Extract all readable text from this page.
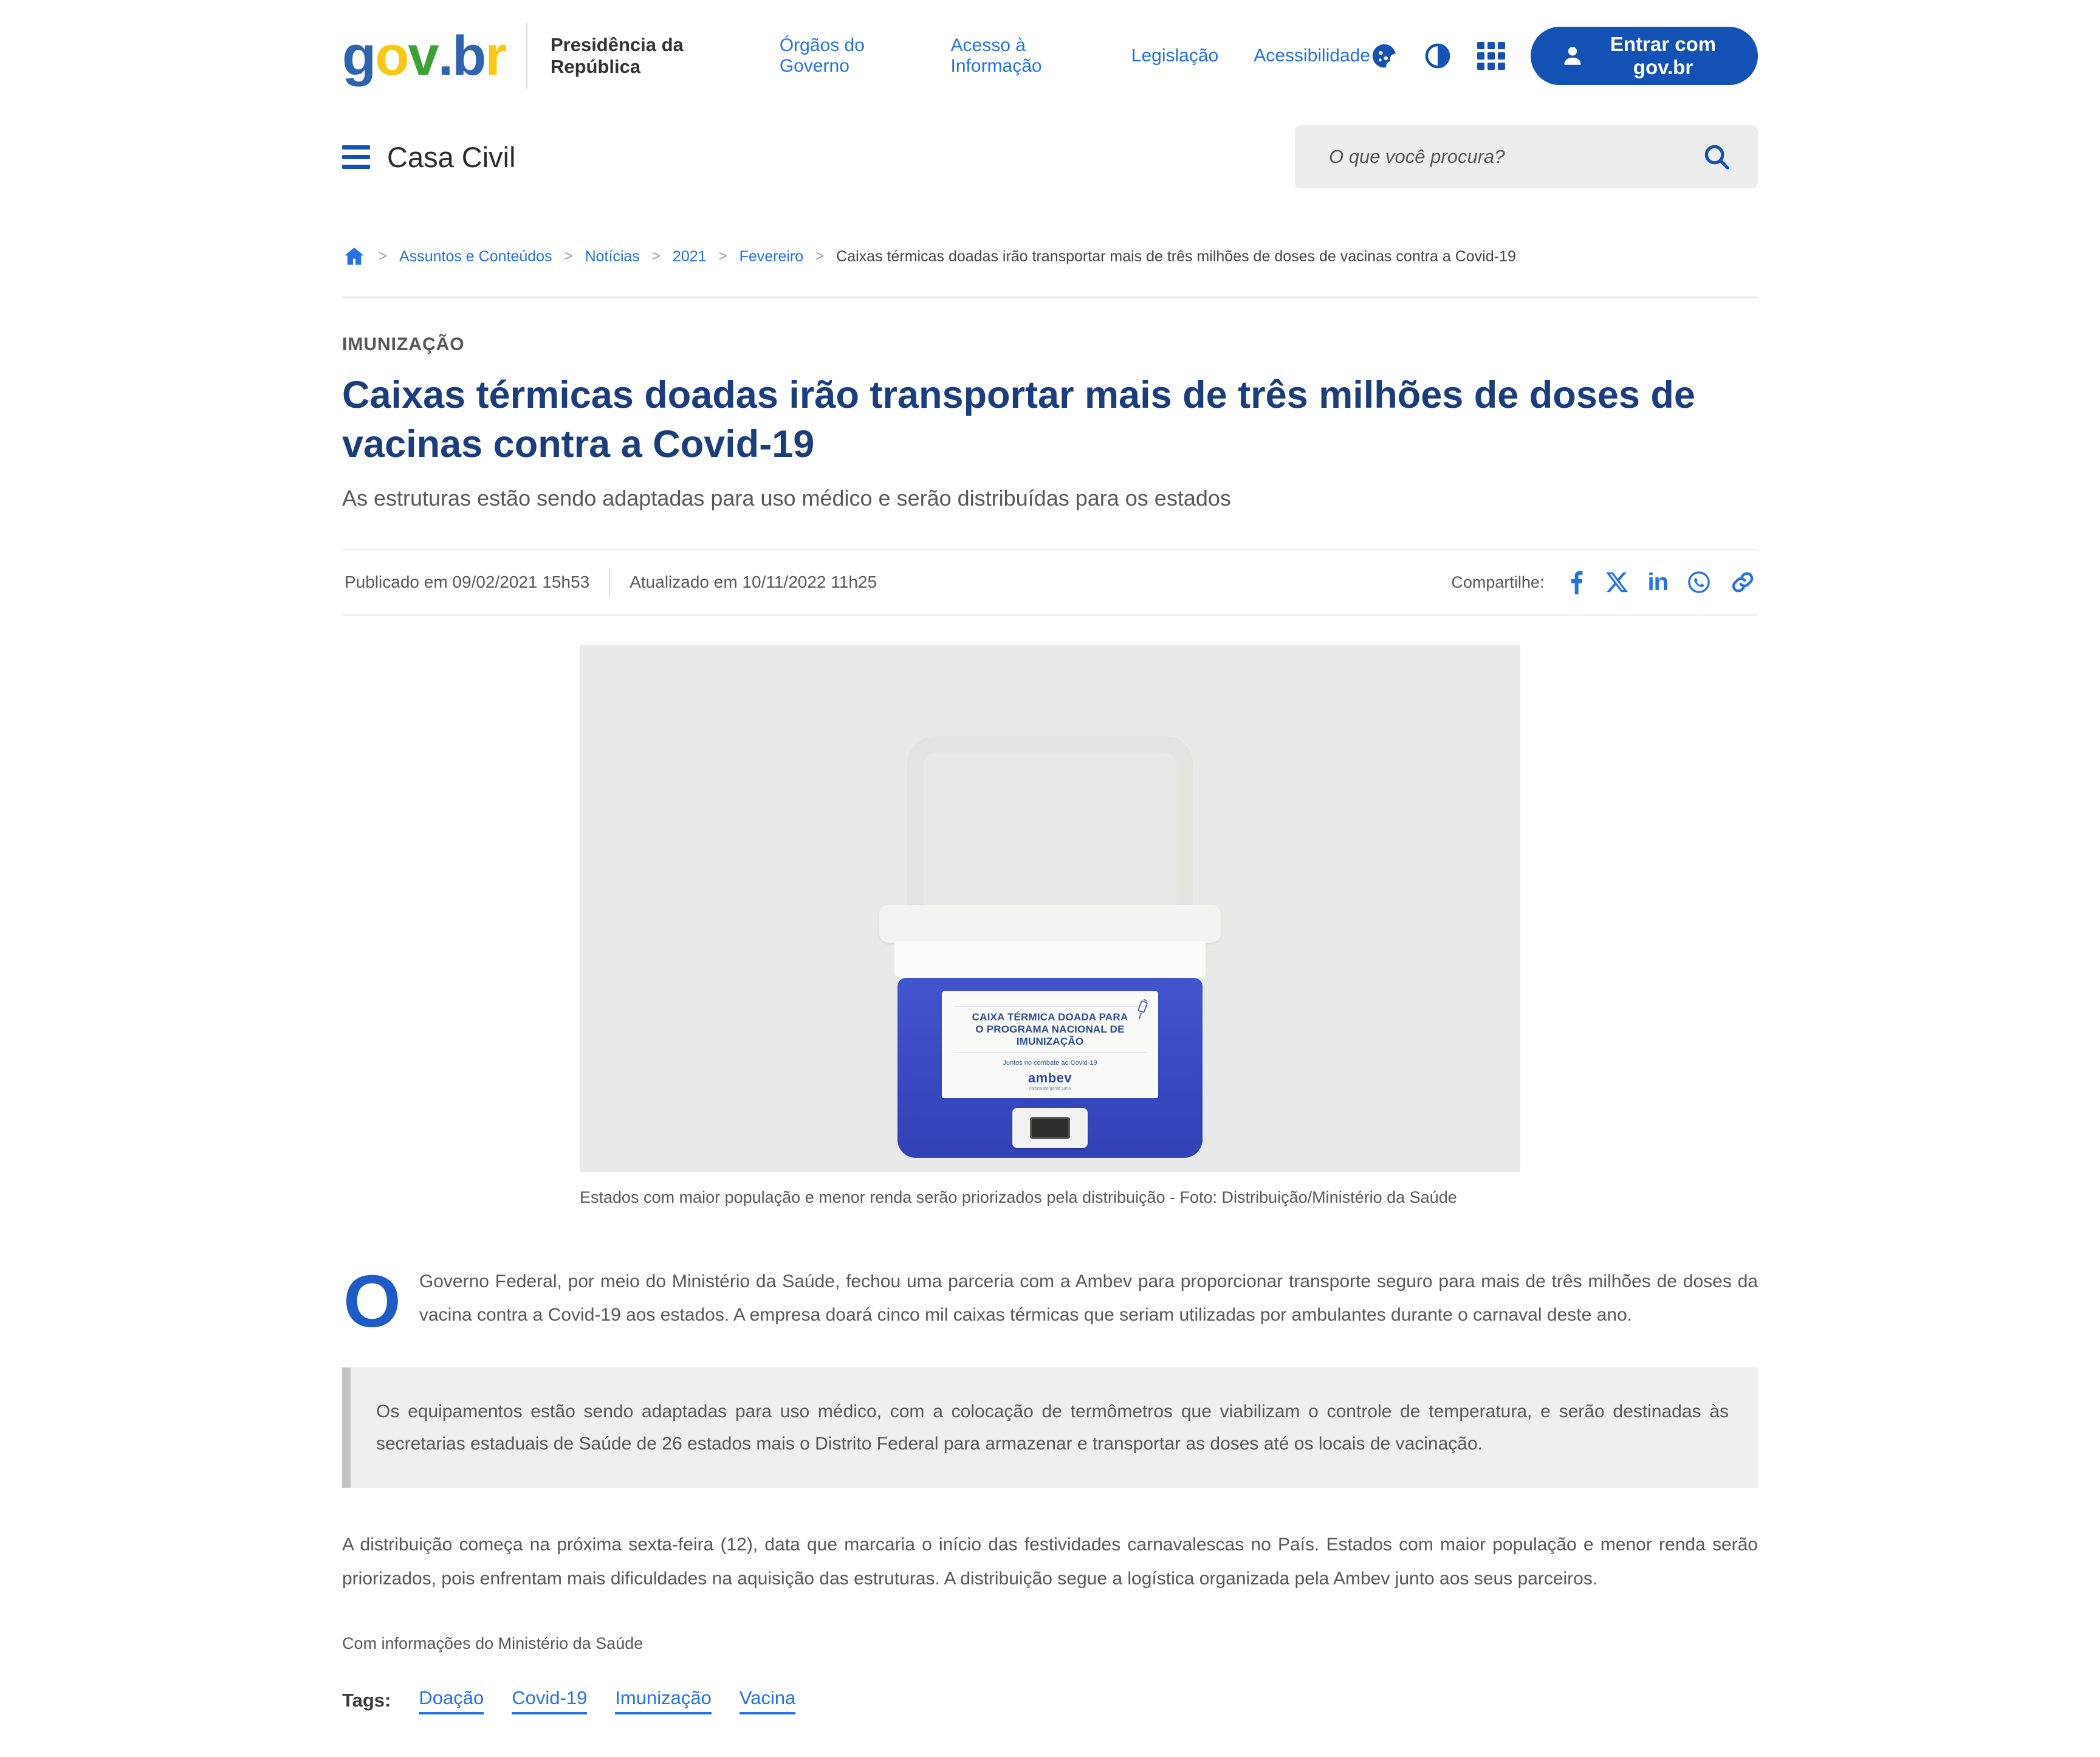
g o v . b r Presidência da República
Órgãos do Governo
Acesso à Informação
Legislação Acessibilidade
Entrar com gov.br
Casa Civil
O que você procura?
> Assuntos e Conteúdos > Notícias > 2021 > Fevereiro > Caixas térmicas doadas irão transportar mais de três milhões de doses de vacinas contra a Covid-19
IMUNIZAÇÃO
Caixas térmicas doadas irão transportar mais de três milhões de doses de vacinas contra a Covid-19

As estruturas estão sendo adaptadas para uso médico e serão distribuídas para os estados

Publicado em 09/02/2021 15h53 Atualizado em 10/11/2022 11h25	Compartilhe:	in
CAIXA TÉRMICA DOADA PARA
O PROGRAMA NACIONAL DE IMUNIZAÇÃO
Juntos no combate ao Covid-19
ambev
colocando gente junta
Estados com maior população e menor renda serão priorizados pela distribuição - Foto: Distribuição/Ministério da Saúde

O Governo Federal, por meio do Ministério da Saúde, fechou uma parceria com a Ambev para proporcionar transporte seguro para mais de três milhões de doses da vacina contra a Covid-19 aos estados. A empresa doará cinco mil caixas térmicas que seriam utilizadas por ambulantes durante o carnaval deste ano.

Os equipamentos estão sendo adaptadas para uso médico, com a colocação de termômetros que viabilizam o controle de temperatura, e serão destinadas às secretarias estaduais de Saúde de 26 estados mais o Distrito Federal para armazenar e transportar as doses até os locais de vacinação.

A distribuição começa na próxima sexta-feira (12), data que marcaria o início das festividades carnavalescas no País. Estados com maior população e menor renda serão priorizados, pois enfrentam mais dificuldades na aquisição das estruturas. A distribuição segue a logística organizada pela Ambev junto aos seus parceiros.

Com informações do Ministério da Saúde

Tags: Doação Covid-19 Imunização Vacina
